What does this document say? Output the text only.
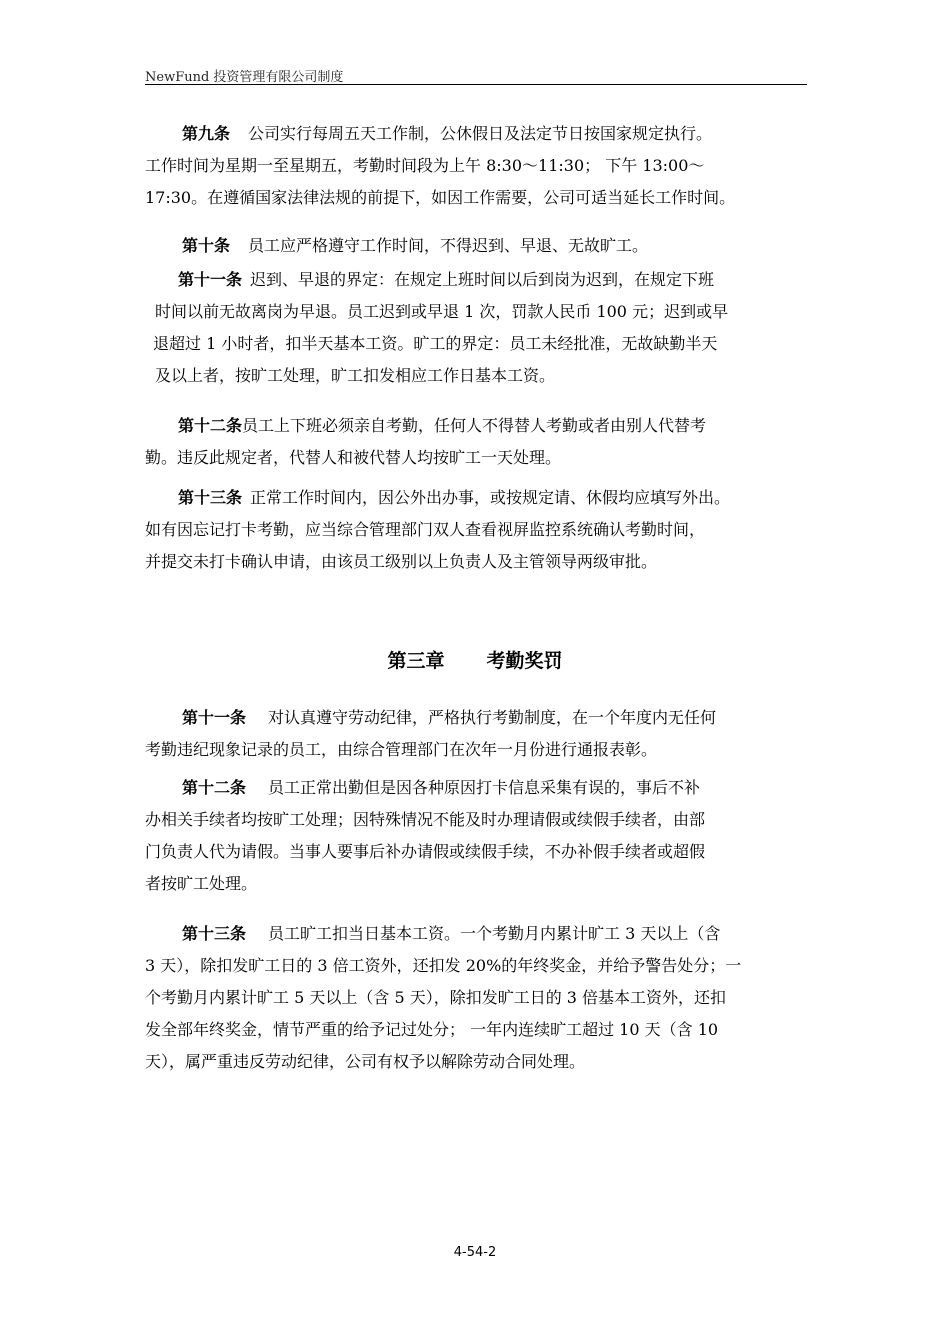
NewFund 投资管理有限公司制度
第九条 公司实行每周五天工作制，公休假日及法定节日按国家规定执行。
工作时间为星期一至星期五，考勤时间段为上午 8:30～11:30； 下午 13:00～
17:30。在遵循国家法律法规的前提下，如因工作需要，公司可适当延长工作时间。
第十条 员工应严格遵守工作时间，不得迟到、早退、无故旷工。
第十一条 迟到、早退的界定：在规定上班时间以后到岗为迟到，在规定下班
时间以前无故离岗为早退。员工迟到或早退 1 次，罚款人民币 100 元；迟到或早
退超过 1 小时者，扣半天基本工资。旷工的界定：员工未经批准，无故缺勤半天
及以上者，按旷工处理，旷工扣发相应工作日基本工资。
第十二条员工上下班必须亲自考勤，任何人不得替人考勤或者由别人代替考
勤。违反此规定者，代替人和被代替人均按旷工一天处理。
第十三条 正常工作时间内，因公外出办事，或按规定请、休假均应填写外出。
如有因忘记打卡考勤，应当综合管理部门双人查看视屏监控系统确认考勤时间，
并提交未打卡确认申请，由该员工级别以上负责人及主管领导两级审批。
第三章 考勤奖罚
第十一条 对认真遵守劳动纪律，严格执行考勤制度，在一个年度内无任何
考勤违纪现象记录的员工，由综合管理部门在次年一月份进行通报表彰。
第十二条 员工正常出勤但是因各种原因打卡信息采集有误的，事后不补
办相关手续者均按旷工处理；因特殊情况不能及时办理请假或续假手续者，由部
门负责人代为请假。当事人要事后补办请假或续假手续，不办补假手续者或超假
者按旷工处理。
第十三条 员工旷工扣当日基本工资。一个考勤月内累计旷工 3 天以上（含
3 天），除扣发旷工日的 3 倍工资外，还扣发 20%的年终奖金，并给予警告处分；一
个考勤月内累计旷工 5 天以上（含 5 天），除扣发旷工日的 3 倍基本工资外，还扣
发全部年终奖金，情节严重的给予记过处分； 一年内连续旷工超过 10 天（含 10
天），属严重违反劳动纪律，公司有权予以解除劳动合同处理。
4-54-2
